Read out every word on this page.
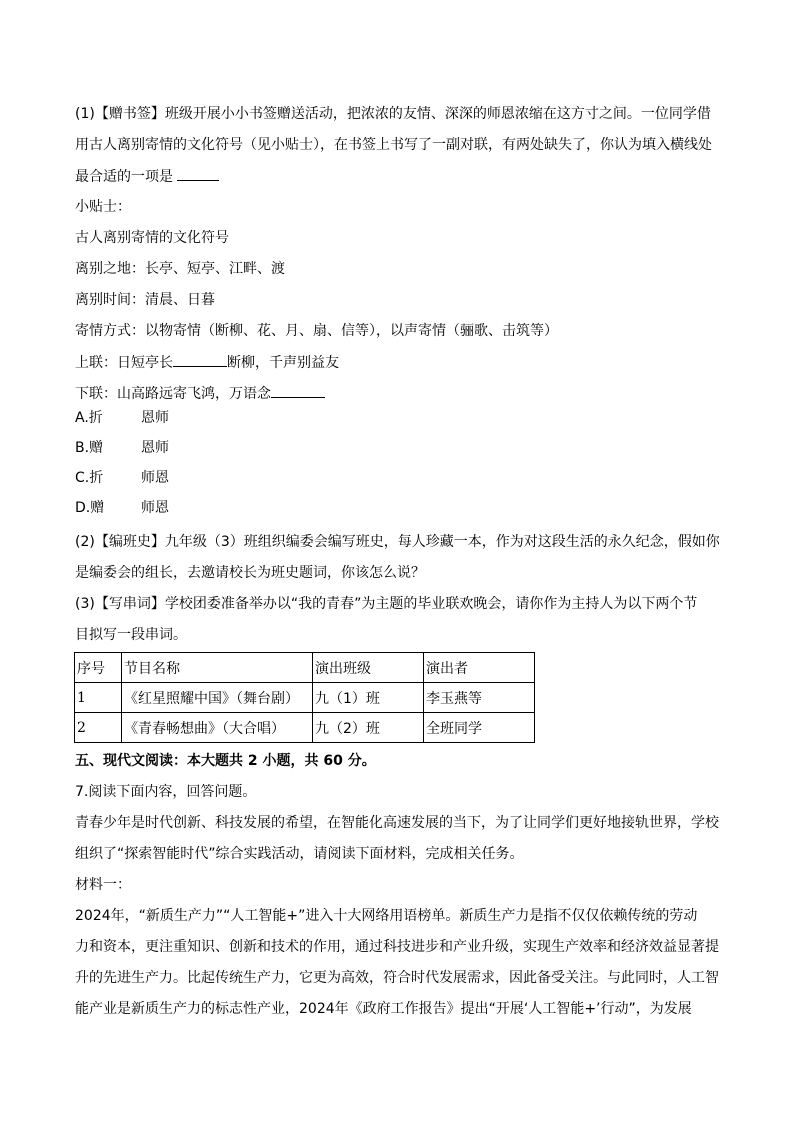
(1)【赠书签】班级开展小小书签赠送活动，把浓浓的友情、深深的师恩浓缩在这方寸之间。一位同学借
用古人离别寄情的文化符号（见小贴士），在书签上书写了一副对联，有两处缺失了，你认为填入横线处
最合适的一项是
小贴士：
古人离别寄情的文化符号
离别之地：长亭、短亭、江畔、渡
离别时间：清晨、日暮
寄情方式：以物寄情（断柳、花、月、扇、信等），以声寄情（骊歌、击筑等）
上联：日短亭长	断柳，千声别益友
下联：山高路远寄飞鸿，万语念
A.折	恩师
B.赠	恩师
C.折	师恩
D.赠	师恩
(2)【编班史】九年级（3）班组织编委会编写班史，每人珍藏一本，作为对这段生活的永久纪念，假如你
是编委会的组长，去邀请校长为班史题词，你该怎么说？
(3)【写串词】学校团委准备举办以“我的青春”为主题的毕业联欢晚会，请你作为主持人为以下两个节
目拟写一段串词。
序号	节目名称	演出班级	演出者
1	《红星照耀中国》（舞台剧）	九（1）班	李玉燕等
2	《青春畅想曲》（大合唱）	九（2）班	全班同学
五、现代文阅读：本大题共 2 小题，共 60 分。
7.阅读下面内容，回答问题。
青春少年是时代创新、科技发展的希望，在智能化高速发展的当下，为了让同学们更好地接轨世界，学校
组织了“探索智能时代”综合实践活动，请阅读下面材料，完成相关任务。
材料一：
2024年，“新质生产力”“人工智能+”进入十大网络用语榜单。新质生产力是指不仅仅依赖传统的劳动
力和资本，更注重知识、创新和技术的作用，通过科技进步和产业升级，实现生产效率和经济效益显著提
升的先进生产力。比起传统生产力，它更为高效，符合时代发展需求，因此备受关注。与此同时，人工智
能产业是新质生产力的标志性产业，2024年《政府工作报告》提出“开展‘人工智能+’行动”，为发展
